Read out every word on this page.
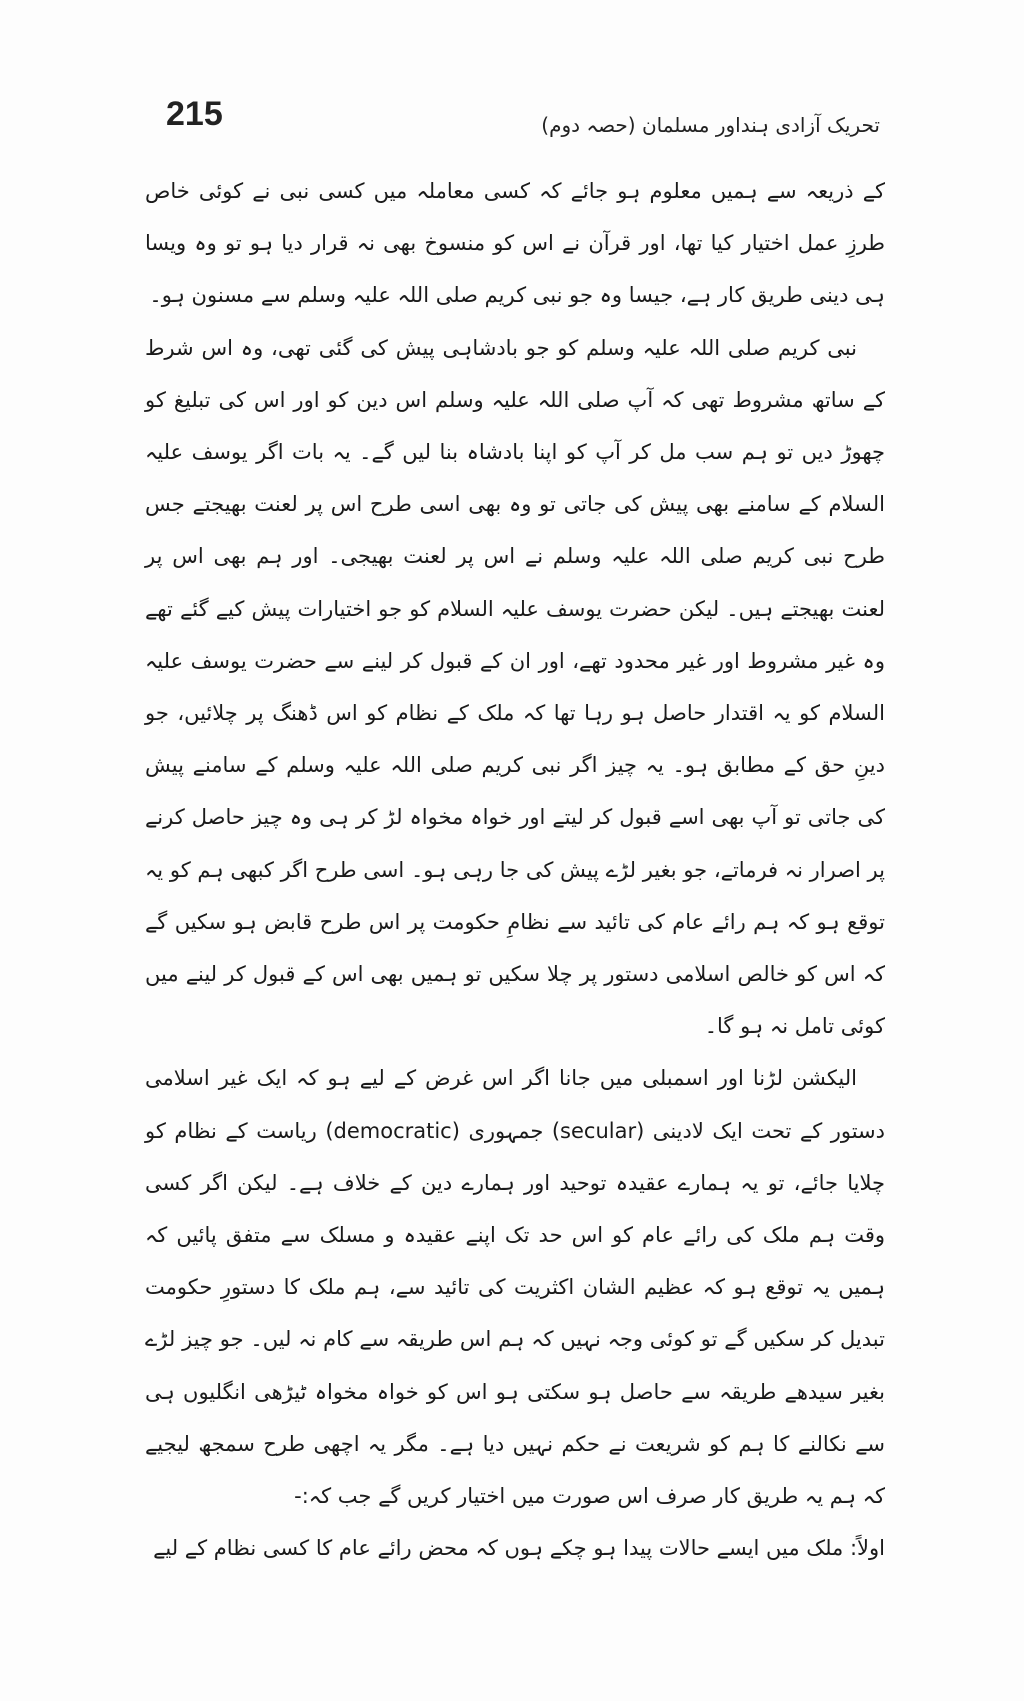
215	تحریک آزادی ہنداور مسلمان (حصہ دوم)

کے ذریعہ سے ہمیں معلوم ہو جائے کہ کسی معاملہ میں کسی نبی نے کوئی خاص طرزِ عمل اختیار کیا تھا، اور قرآن نے اس کو منسوخ بھی نہ قرار دیا ہو تو وہ ویسا ہی دینی طریق کار ہے، جیسا وہ جو نبی کریم صلی اللہ علیہ وسلم سے مسنون ہو۔

نبی کریم صلی اللہ علیہ وسلم کو جو بادشاہی پیش کی گئی تھی، وہ اس شرط کے ساتھ مشروط تھی کہ آپ صلی اللہ علیہ وسلم اس دین کو اور اس کی تبلیغ کو چھوڑ دیں تو ہم سب مل کر آپ کو اپنا بادشاہ بنا لیں گے۔ یہ بات اگر یوسف علیہ السلام کے سامنے بھی پیش کی جاتی تو وہ بھی اسی طرح اس پر لعنت بھیجتے جس طرح نبی کریم صلی اللہ علیہ وسلم نے اس پر لعنت بھیجی۔ اور ہم بھی اس پر لعنت بھیجتے ہیں۔ لیکن حضرت یوسف علیہ السلام کو جو اختیارات پیش کیے گئے تھے وہ غیر مشروط اور غیر محدود تھے، اور ان کے قبول کر لینے سے حضرت یوسف علیہ السلام کو یہ اقتدار حاصل ہو رہا تھا کہ ملک کے نظام کو اس ڈھنگ پر چلائیں، جو دینِ حق کے مطابق ہو۔ یہ چیز اگر نبی کریم صلی اللہ علیہ وسلم کے سامنے پیش کی جاتی تو آپ بھی اسے قبول کر لیتے اور خواہ مخواہ لڑ کر ہی وہ چیز حاصل کرنے پر اصرار نہ فرماتے، جو بغیر لڑے پیش کی جا رہی ہو۔ اسی طرح اگر کبھی ہم کو یہ توقع ہو کہ ہم رائے عام کی تائید سے نظامِ حکومت پر اس طرح قابض ہو سکیں گے کہ اس کو خالص اسلامی دستور پر چلا سکیں تو ہمیں بھی اس کے قبول کر لینے میں کوئی تامل نہ ہو گا۔

الیکشن لڑنا اور اسمبلی میں جانا اگر اس غرض کے لیے ہو کہ ایک غیر اسلامی دستور کے تحت ایک لادینی (secular) جمہوری (democratic) ریاست کے نظام کو چلایا جائے، تو یہ ہمارے عقیدہ توحید اور ہمارے دین کے خلاف ہے۔ لیکن اگر کسی وقت ہم ملک کی رائے عام کو اس حد تک اپنے عقیدہ و مسلک سے متفق پائیں کہ ہمیں یہ توقع ہو کہ عظیم الشان اکثریت کی تائید سے، ہم ملک کا دستورِ حکومت تبدیل کر سکیں گے تو کوئی وجہ نہیں کہ ہم اس طریقہ سے کام نہ لیں۔ جو چیز لڑے بغیر سیدھے طریقہ سے حاصل ہو سکتی ہو اس کو خواہ مخواہ ٹیڑھی انگلیوں ہی سے نکالنے کا ہم کو شریعت نے حکم نہیں دیا ہے۔ مگر یہ اچھی طرح سمجھ لیجیے کہ ہم یہ طریق کار صرف اس صورت میں اختیار کریں گے جب کہ:-

اولاً: ملک میں ایسے حالات پیدا ہو چکے ہوں کہ محض رائے عام کا کسی نظام کے لیے
